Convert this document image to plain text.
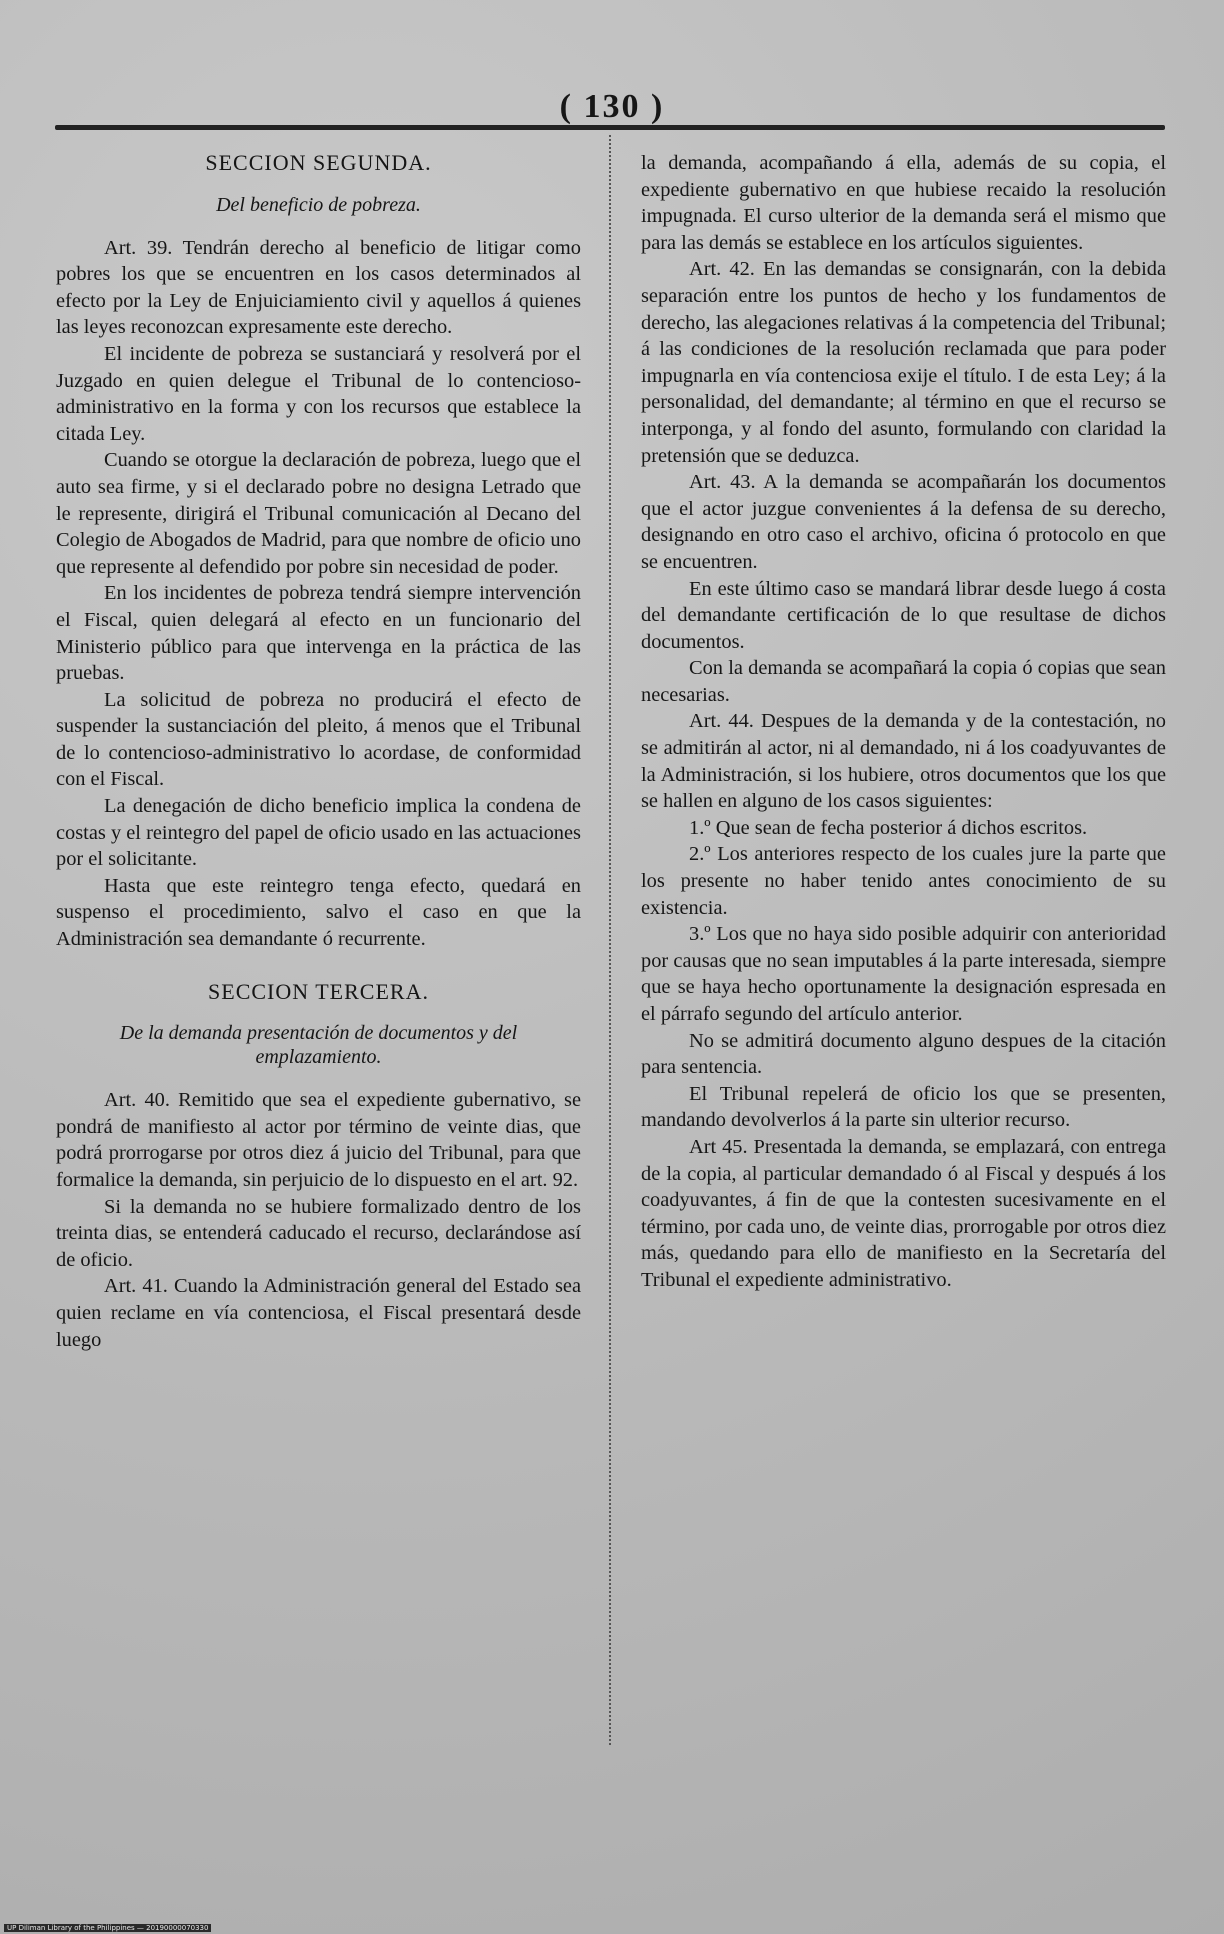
( 130 )
SECCION SEGUNDA.
Del beneficio de pobreza.

Art. 39. Tendrán derecho al beneficio de litigar como pobres los que se encuentren en los casos determinados al efecto por la Ley de Enjuiciamiento civil y aquellos á quienes las leyes reconozcan expresamente este derecho.

El incidente de pobreza se sustanciará y resolverá por el Juzgado en quien delegue el Tribunal de lo contencioso-administrativo en la forma y con los recursos que establece la citada Ley.

Cuando se otorgue la declaración de pobreza, luego que el auto sea firme, y si el declarado pobre no designa Letrado que le represente, dirigirá el Tribunal comunicación al Decano del Colegio de Abogados de Madrid, para que nombre de oficio uno que represente al defendido por pobre sin necesidad de poder.

En los incidentes de pobreza tendrá siempre intervención el Fiscal, quien delegará al efecto en un funcionario del Ministerio público para que intervenga en la práctica de las pruebas.

La solicitud de pobreza no producirá el efecto de suspender la sustanciación del pleito, á menos que el Tribunal de lo contencioso-administrativo lo acordase, de conformidad con el Fiscal.

La denegación de dicho beneficio implica la condena de costas y el reintegro del papel de oficio usado en las actuaciones por el solicitante.

Hasta que este reintegro tenga efecto, quedará en suspenso el procedimiento, salvo el caso en que la Administración sea demandante ó recurrente.

SECCION TERCERA.
De la demanda presentación de documentos y del emplazamiento.

Art. 40. Remitido que sea el expediente gubernativo, se pondrá de manifiesto al actor por término de veinte dias, que podrá prorrogarse por otros diez á juicio del Tribunal, para que formalice la demanda, sin perjuicio de lo dispuesto en el art. 92.

Si la demanda no se hubiere formalizado dentro de los treinta dias, se entenderá caducado el recurso, declarándose así de oficio.

Art. 41. Cuando la Administración general del Estado sea quien reclame en vía contenciosa, el Fiscal presentará desde luego

la demanda, acompañando á ella, además de su copia, el expediente gubernativo en que hubiese recaido la resolución impugnada. El curso ulterior de la demanda será el mismo que para las demás se establece en los artículos siguientes.

Art. 42. En las demandas se consignarán, con la debida separación entre los puntos de hecho y los fundamentos de derecho, las alegaciones relativas á la competencia del Tribunal; á las condiciones de la resolución reclamada que para poder impugnarla en vía contenciosa exije el título. I de esta Ley; á la personalidad, del demandante; al término en que el recurso se interponga, y al fondo del asunto, formulando con claridad la pretensión que se deduzca.

Art. 43. A la demanda se acompañarán los documentos que el actor juzgue convenientes á la defensa de su derecho, designando en otro caso el archivo, oficina ó protocolo en que se encuentren.

En este último caso se mandará librar desde luego á costa del demandante certificación de lo que resultase de dichos documentos.

Con la demanda se acompañará la copia ó copias que sean necesarias.

Art. 44. Despues de la demanda y de la contestación, no se admitirán al actor, ni al demandado, ni á los coadyuvantes de la Administración, si los hubiere, otros documentos que los que se hallen en alguno de los casos siguientes:

1.º Que sean de fecha posterior á dichos escritos.

2.º Los anteriores respecto de los cuales jure la parte que los presente no haber tenido antes conocimiento de su existencia.

3.º Los que no haya sido posible adquirir con anterioridad por causas que no sean imputables á la parte interesada, siempre que se haya hecho oportunamente la designación espresada en el párrafo segundo del artículo anterior.

No se admitirá documento alguno despues de la citación para sentencia.

El Tribunal repelerá de oficio los que se presenten, mandando devolverlos á la parte sin ulterior recurso.

Art 45. Presentada la demanda, se emplazará, con entrega de la copia, al particular demandado ó al Fiscal y después á los coadyuvantes, á fin de que la contesten sucesivamente en el término, por cada uno, de veinte dias, prorrogable por otros diez más, quedando para ello de manifiesto en la Secretaría del Tribunal el expediente administrativo.

UP Diliman Library of the Philippines — 20190000070330
